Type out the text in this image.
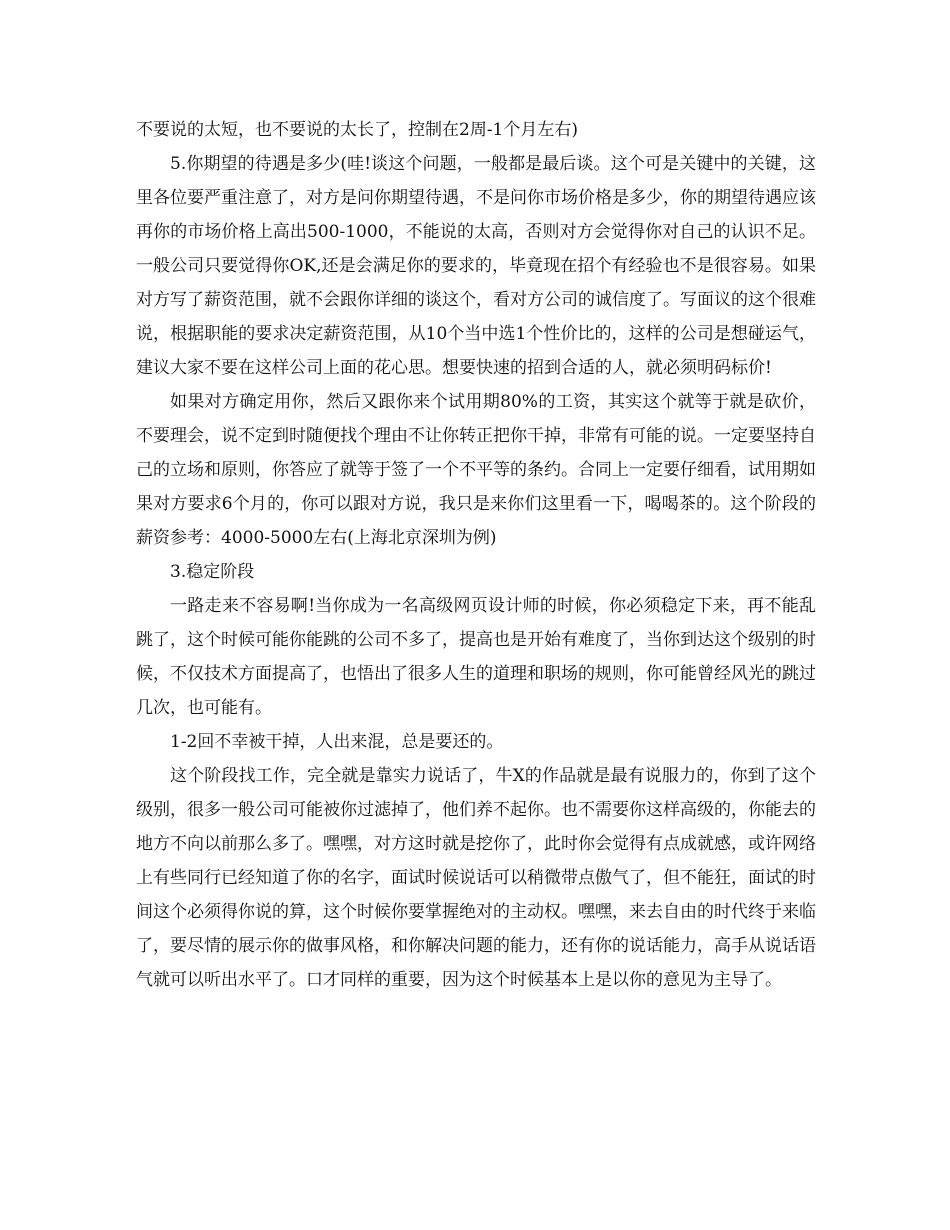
不要说的太短，也不要说的太长了，控制在2周-1个月左右)

5.你期望的待遇是多少(哇!谈这个问题，一般都是最后谈。这个可是关键中的关键，这里各位要严重注意了，对方是问你期望待遇，不是问你市场价格是多少，你的期望待遇应该再你的市场价格上高出500-1000，不能说的太高，否则对方会觉得你对自己的认识不足。一般公司只要觉得你OK,还是会满足你的要求的，毕竟现在招个有经验也不是很容易。如果对方写了薪资范围，就不会跟你详细的谈这个，看对方公司的诚信度了。写面议的这个很难说，根据职能的要求决定薪资范围，从10个当中选1个性价比的，这样的公司是想碰运气，建议大家不要在这样公司上面的花心思。想要快速的招到合适的人，就必须明码标价!

如果对方确定用你，然后又跟你来个试用期80%的工资，其实这个就等于就是砍价，不要理会，说不定到时随便找个理由不让你转正把你干掉，非常有可能的说。一定要坚持自己的立场和原则，你答应了就等于签了一个不平等的条约。合同上一定要仔细看，试用期如果对方要求6个月的，你可以跟对方说，我只是来你们这里看一下，喝喝茶的。这个阶段的薪资参考：4000-5000左右(上海北京深圳为例)

3.稳定阶段

一路走来不容易啊!当你成为一名高级网页设计师的时候，你必须稳定下来，再不能乱跳了，这个时候可能你能跳的公司不多了，提高也是开始有难度了，当你到达这个级别的时候，不仅技术方面提高了，也悟出了很多人生的道理和职场的规则，你可能曾经风光的跳过几次，也可能有。

1-2回不幸被干掉，人出来混，总是要还的。

这个阶段找工作，完全就是靠实力说话了，牛X的作品就是最有说服力的，你到了这个级别，很多一般公司可能被你过滤掉了，他们养不起你。也不需要你这样高级的，你能去的地方不向以前那么多了。嘿嘿，对方这时就是挖你了，此时你会觉得有点成就感，或许网络上有些同行已经知道了你的名字，面试时候说话可以稍微带点傲气了，但不能狂，面试的时间这个必须得你说的算，这个时候你要掌握绝对的主动权。嘿嘿，来去自由的时代终于来临了，要尽情的展示你的做事风格，和你解决问题的能力，还有你的说话能力，高手从说话语气就可以听出水平了。口才同样的重要，因为这个时候基本上是以你的意见为主导了。
